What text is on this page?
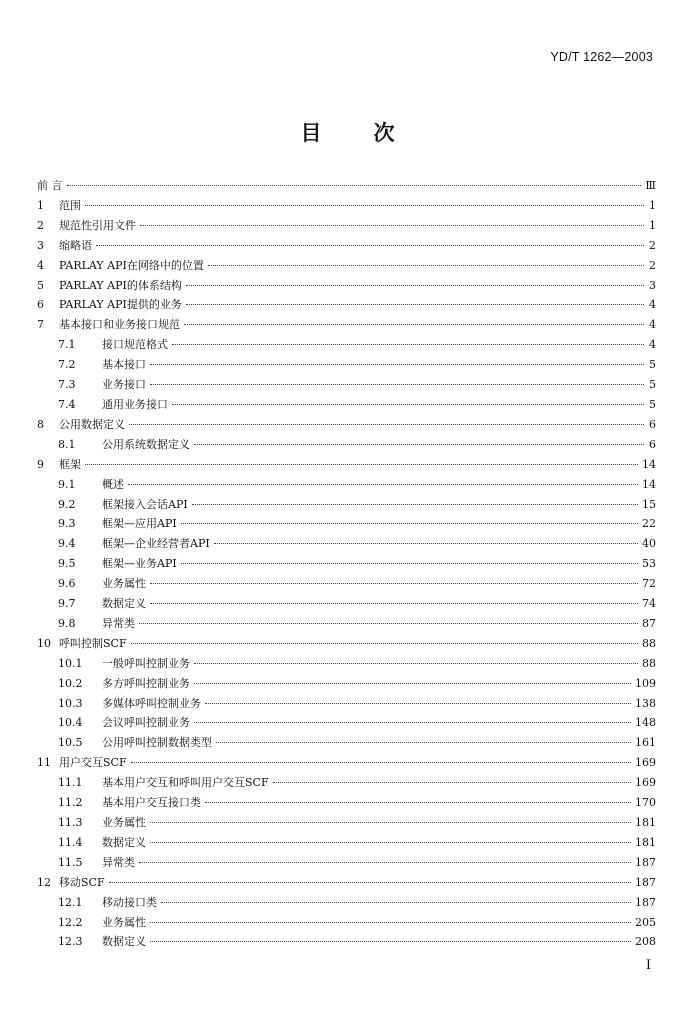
YD/T 1262—2003
目 次
前 言	Ⅲ
1	范围	1
2	规范性引用文件	1
3	缩略语	2
4	PARLAY API在网络中的位置	2
5	PARLAY API的体系结构	3
6	PARLAY API提供的业务	4
7	基本接口和业务接口规范	4
7.1	接口规范格式	4
7.2	基本接口	5
7.3	业务接口	5
7.4	通用业务接口	5
8	公用数据定义	6
8.1	公用系统数据定义	6
9	框架	14
9.1	概述	14
9.2	框架接入会话API	15
9.3	框架—应用API	22
9.4	框架—企业经营者API	40
9.5	框架—业务API	53
9.6	业务属性	72
9.7	数据定义	74
9.8	异常类	87
10 呼叫控制SCF	88
10.1	一般呼叫控制业务	88
10.2	多方呼叫控制业务	109
10.3	多媒体呼叫控制业务	138
10.4	会议呼叫控制业务	148
10.5	公用呼叫控制数据类型	161
11 用户交互SCF	169
11.1	基本用户交互和呼叫用户交互SCF	169
11.2	基本用户交互接口类	170
11.3	业务属性	181
11.4	数据定义	181
11.5	异常类	187
12 移动SCF	187
12.1	移动接口类	187
12.2	业务属性	205
12.3	数据定义	208
I
